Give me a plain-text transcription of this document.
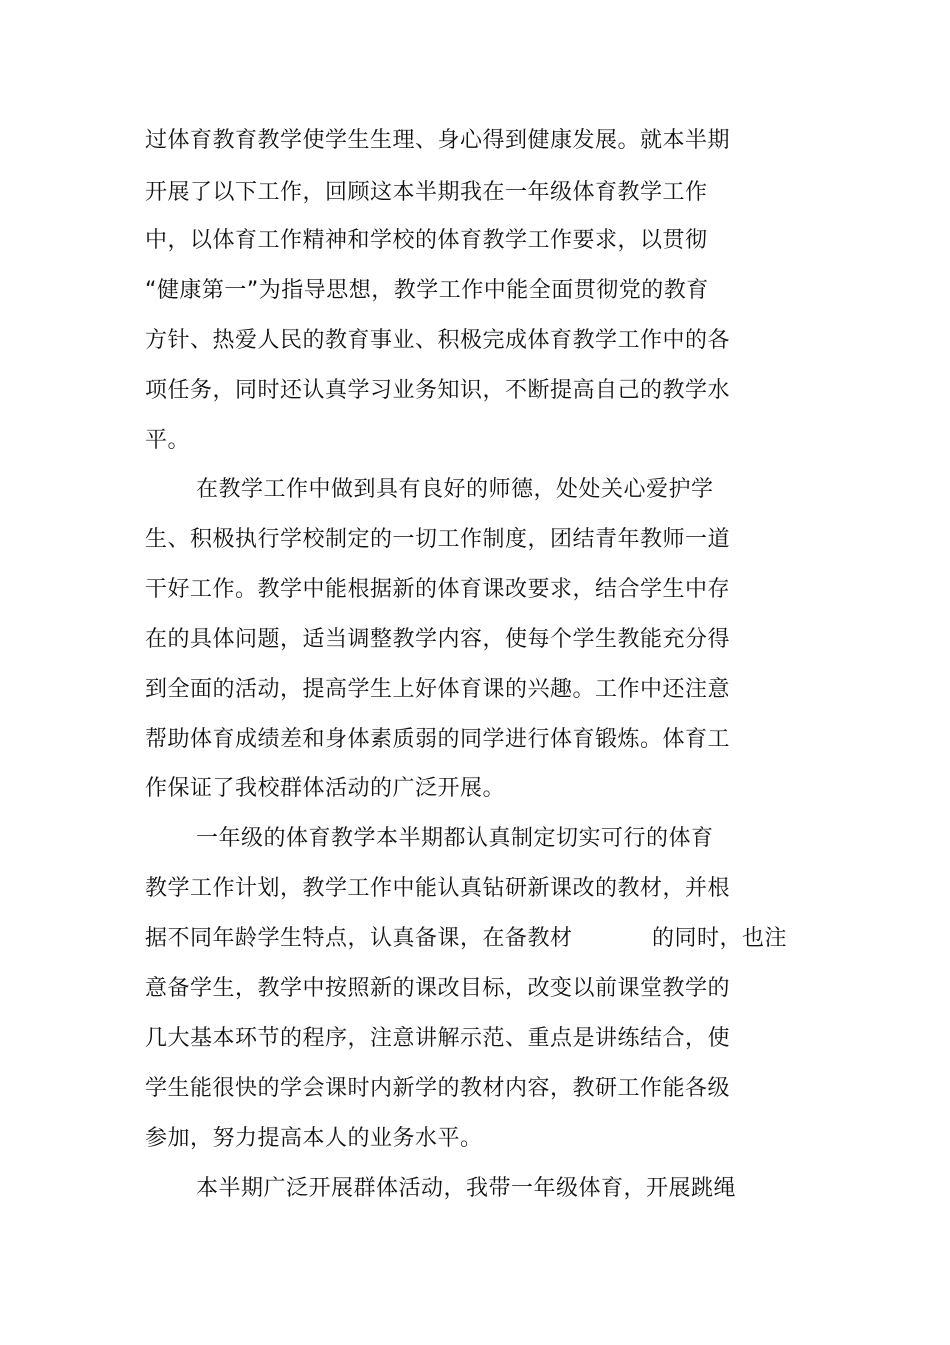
过体育教育教学使学生生理、身心得到健康发展。就本半期
开展了以下工作，回顾这本半期我在一年级体育教学工作
中，以体育工作精神和学校的体育教学工作要求，以贯彻
“健康第一”为指导思想，教学工作中能全面贯彻党的教育
方针、热爱人民的教育事业、积极完成体育教学工作中的各
项任务，同时还认真学习业务知识，不断提高自己的教学水
平。
在教学工作中做到具有良好的师德，处处关心爱护学
生、积极执行学校制定的一切工作制度，团结青年教师一道
干好工作。教学中能根据新的体育课改要求，结合学生中存
在的具体问题，适当调整教学内容，使每个学生教能充分得
到全面的活动，提高学生上好体育课的兴趣。工作中还注意
帮助体育成绩差和身体素质弱的同学进行体育锻炼。体育工
作保证了我校群体活动的广泛开展。
一年级的体育教学本半期都认真制定切实可行的体育
教学工作计划，教学工作中能认真钻研新课改的教材，并根
据不同年龄学生特点，认真备课，在备教材	的同时，也注
意备学生，教学中按照新的课改目标，改变以前课堂教学的
几大基本环节的程序，注意讲解示范、重点是讲练结合，使
学生能很快的学会课时内新学的教材内容，教研工作能各级
参加，努力提高本人的业务水平。
本半期广泛开展群体活动，我带一年级体育，开展跳绳
